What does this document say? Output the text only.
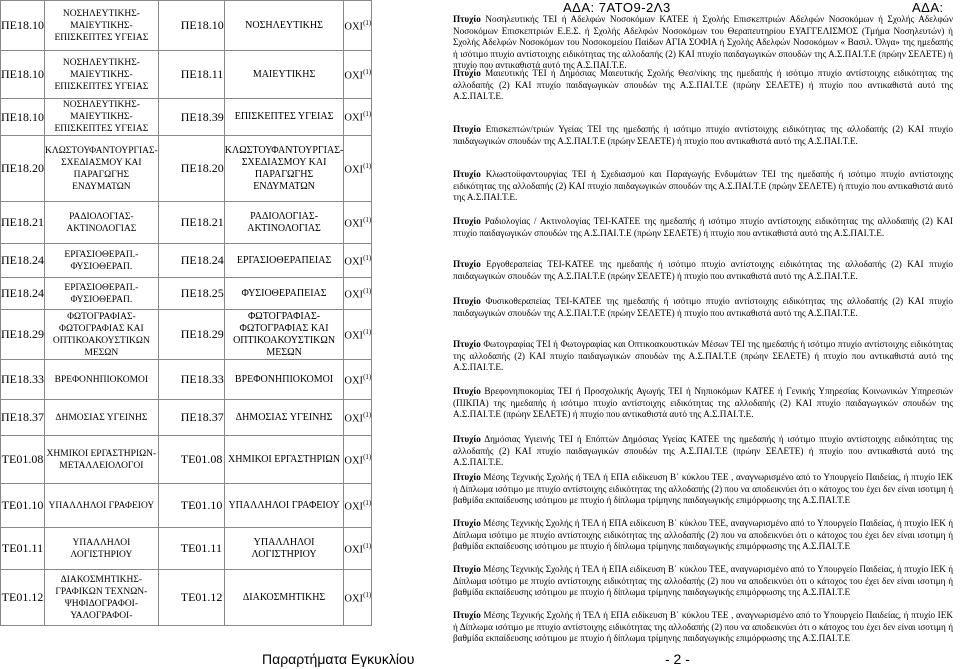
ΑΔΑ: 7ΑΤΟ9-2Λ3	ΑΔΑ:
ΠΕ18.10	ΝΟΣΗΛΕΥΤΙΚΗΣ-ΜΑΙΕΥΤΙΚΗΣ-ΕΠΙΣΚΕΠΤΕΣ ΥΓΕΙΑΣ	ΠΕ18.10	ΝΟΣΗΛΕΥΤΙΚΗΣ	ΟΧΙ$^{(1)}$
ΠΕ18.10	ΝΟΣΗΛΕΥΤΙΚΗΣ-ΜΑΙΕΥΤΙΚΗΣ-ΕΠΙΣΚΕΠΤΕΣ ΥΓΕΙΑΣ	ΠΕ18.11	ΜΑΙΕΥΤΙΚΗΣ	ΟΧΙ$^{(1)}$
ΠΕ18.10	ΝΟΣΗΛΕΥΤΙΚΗΣ-ΜΑΙΕΥΤΙΚΗΣ-ΕΠΙΣΚΕΠΤΕΣ ΥΓΕΙΑΣ	ΠΕ18.39	ΕΠΙΣΚΕΠΤΕΣ ΥΓΕΙΑΣ	ΟΧΙ$^{(1)}$
ΠΕ18.20	ΚΛΩΣΤΟΥΦΑΝΤΟΥΡΓΙΑΣ-ΣΧΕΔΙΑΣΜΟΥ ΚΑΙ ΠΑΡΑΓΩΓΗΣ ΕΝΔΥΜΑΤΩΝ	ΠΕ18.20	ΚΛΩΣΤΟΥΦΑΝΤΟΥΡΓΙΑΣ-ΣΧΕΔΙΑΣΜΟΥ ΚΑΙ ΠΑΡΑΓΩΓΗΣ ΕΝΔΥΜΑΤΩΝ	ΟΧΙ$^{(1)}$
ΠΕ18.21	ΡΑΔΙΟΛΟΓΙΑΣ-ΑΚΤΙΝΟΛΟΓΙΑΣ	ΠΕ18.21	ΡΑΔΙΟΛΟΓΙΑΣ-ΑΚΤΙΝΟΛΟΓΙΑΣ	ΟΧΙ$^{(1)}$
ΠΕ18.24	ΕΡΓΑΣΙΟΘΕΡΑΠ.-ΦΥΣΙΟΘΕΡΑΠ.	ΠΕ18.24	ΕΡΓΑΣΙΟΘΕΡΑΠΕΙΑΣ	ΟΧΙ$^{(1)}$
ΠΕ18.24	ΕΡΓΑΣΙΟΘΕΡΑΠ.-ΦΥΣΙΟΘΕΡΑΠ.	ΠΕ18.25	ΦΥΣΙΟΘΕΡΑΠΕΙΑΣ	ΟΧΙ$^{(1)}$
ΠΕ18.29	ΦΩΤΟΓΡΑΦΙΑΣ-ΦΩΤΟΓΡΑΦΙΑΣ ΚΑΙ ΟΠΤΙΚΟΑΚΟΥΣΤΙΚΩΝ ΜΕΣΩΝ	ΠΕ18.29	ΦΩΤΟΓΡΑΦΙΑΣ-ΦΩΤΟΓΡΑΦΙΑΣ ΚΑΙ ΟΠΤΙΚΟΑΚΟΥΣΤΙΚΩΝ ΜΕΣΩΝ	ΟΧΙ$^{(1)}$
ΠΕ18.33	ΒΡΕΦΟΝΗΠΙΟΚΟΜΟΙ	ΠΕ18.33	ΒΡΕΦΟΝΗΠΙΟΚΟΜΟΙ	ΟΧΙ$^{(1)}$
ΠΕ18.37	ΔΗΜΟΣΙΑΣ ΥΓΕΙΝΗΣ	ΠΕ18.37	ΔΗΜΟΣΙΑΣ ΥΓΕΙΝΗΣ	ΟΧΙ$^{(1)}$
ΤΕ01.08	ΧΗΜΙΚΟΙ ΕΡΓΑΣΤΗΡΙΩΝ-ΜΕΤΑΛΛΕΙΟΛΟΓΟΙ	ΤΕ01.08	ΧΗΜΙΚΟΙ ΕΡΓΑΣΤΗΡΙΩΝ	ΟΧΙ$^{(1)}$
ΤΕ01.10	ΥΠΑΛΛΗΛΟΙ ΓΡΑΦΕΙΟΥ	ΤΕ01.10	ΥΠΑΛΛΗΛΟΙ ΓΡΑΦΕΙΟΥ	ΟΧΙ$^{(1)}$
ΤΕ01.11	ΥΠΑΛΛΗΛΟΙ ΛΟΓΙΣΤΗΡΙΟΥ	ΤΕ01.11	ΥΠΑΛΛΗΛΟΙ ΛΟΓΙΣΤΗΡΙΟΥ	ΟΧΙ$^{(1)}$
ΤΕ01.12	ΔΙΑΚΟΣΜΗΤΙΚΗΣ-ΓΡΑΦΙΚΩΝ ΤΕΧΝΩΝ-ΨΗΦΙΔΟΓΡΑΦΟΙ-ΥΑΛΟΓΡΑΦΟΙ-	ΤΕ01.12	ΔΙΑΚΟΣΜΗΤΙΚΗΣ	ΟΧΙ$^{(1)}$
Πτυχίο Νοσηλευτικής ΤΕΙ ή Αδελφών Νοσοκόμων ΚΑΤΕΕ ή Σχολής Επισκεπτριών Αδελφών Νοσοκόμων ή Σχολής Αδελφών Νοσοκόμων Επισκεπτριών Ε.Ε.Σ. ή Σχολής Αδελφών Νοσοκόμων του Θεραπευτηρίου ΕΥΑΓΓΕΛΙΣΜΟΣ (Τμήμα Νοσηλευτών) ή Σχολής Αδελφών Νοσοκόμων του Νοσοκομείου Παίδων ΑΓΙΑ ΣΟΦΙΑ ή Σχολής Αδελφών Νοσοκόμων « Βασιλ. Όλγα» της ημεδαπής ή ισότιμο πτυχίο αντίστοιχης ειδικότητας της αλλοδαπής (2) ΚΑΙ πτυχίο παιδαγωγικών σπουδών της Α.Σ.ΠΑΙ.Τ.Ε (πρώην ΣΕΛΕΤΕ) ή πτυχίο που αντικαθιστά αυτό της Α.Σ.ΠΑΙ.Τ.Ε.
Πτυχίο Μαιευτικής ΤΕΙ ή Δημόσιας Μαιευτικής Σχολής Θεσ/νίκης της ημεδαπής ή ισότιμο πτυχίο αντίστοιχης ειδικότητας της αλλοδαπής (2) ΚΑΙ πτυχίο παιδαγωγικών σπουδών της Α.Σ.ΠΑΙ.Τ.Ε (πρώην ΣΕΛΕΤΕ) ή πτυχίο που αντικαθιστά αυτό της Α.Σ.ΠΑΙ.Τ.Ε.
Πτυχίο Επισκεπτών/τριών Υγείας ΤΕΙ της ημεδαπής ή ισότιμο πτυχίο αντίστοιχης ειδικότητας της αλλοδαπής (2) ΚΑΙ πτυχίο παιδαγωγικών σπουδών της Α.Σ.ΠΑΙ.Τ.Ε (πρώην ΣΕΛΕΤΕ) ή πτυχίο που αντικαθιστά αυτό της Α.Σ.ΠΑΙ.Τ.Ε.
Πτυχίο Κλωστοϋφαντουργίας ΤΕΙ ή Σχεδιασμού και Παραγωγής Ενδυμάτων ΤΕΙ της ημεδαπής ή ισότιμο πτυχίο αντίστοιχης ειδικότητας της αλλοδαπής (2) ΚΑΙ πτυχίο παιδαγωγικών σπουδών της Α.Σ.ΠΑΙ.Τ.Ε (πρώην ΣΕΛΕΤΕ) ή πτυχίο που αντικαθιστά αυτό της Α.Σ.ΠΑΙ.Τ.Ε.
Πτυχίο Ραδιολογίας / Ακτινολογίας ΤΕΙ-ΚΑΤΕΕ της ημεδαπής ή ισότιμο πτυχίο αντίστοιχης ειδικότητας της αλλοδαπής (2) ΚΑΙ πτυχίο παιδαγωγικών σπουδών της Α.Σ.ΠΑΙ.Τ.Ε (πρώην ΣΕΛΕΤΕ) ή πτυχίο που αντικαθιστά αυτό της Α.Σ.ΠΑΙ.Τ.Ε.
Πτυχίο Εργοθεραπείας ΤΕΙ-ΚΑΤΕΕ της ημεδαπής ή ισότιμο πτυχίο αντίστοιχης ειδικότητας της αλλοδαπής (2) ΚΑΙ πτυχίο παιδαγωγικών σπουδών της Α.Σ.ΠΑΙ.Τ.Ε (πρώην ΣΕΛΕΤΕ) ή πτυχίο που αντικαθιστά αυτό της Α.Σ.ΠΑΙ.Τ.Ε.
Πτυχίο Φυσικοθεραπείας ΤΕΙ-ΚΑΤΕΕ της ημεδαπής ή ισότιμο πτυχίο αντίστοιχης ειδικότητας της αλλοδαπής (2) ΚΑΙ πτυχίο παιδαγωγικών σπουδών της Α.Σ.ΠΑΙ.Τ.Ε (πρώην ΣΕΛΕΤΕ) ή πτυχίο που αντικαθιστά αυτό της Α.Σ.ΠΑΙ.Τ.Ε.
Πτυχίο Φωτογραφίας ΤΕΙ ή Φωτογραφίας και Οπτικοακουστικών Μέσων ΤΕΙ της ημεδαπής ή ισότιμο πτυχίο αντίστοιχης ειδικότητας της αλλοδαπής (2) ΚΑΙ πτυχίο παιδαγωγικών σπουδών της Α.Σ.ΠΑΙ.Τ.Ε (πρώην ΣΕΛΕΤΕ) ή πτυχίο που αντικαθιστά αυτό της Α.Σ.ΠΑΙ.Τ.Ε.
Πτυχίο Βρεφονηπιοκομίας ΤΕΙ ή Προσχολικής Αγωγής ΤΕΙ ή Νηπιοκόμων ΚΑΤΕΕ ή Γενικής Υπηρεσίας Κοινωνικών Υπηρεσιών (ΠΙΚΠΑ) της ημεδαπής ή ισότιμο πτυχίο αντίστοιχης ειδικότητας της αλλοδαπής (2) ΚΑΙ πτυχίο παιδαγωγικών σπουδών της Α.Σ.ΠΑΙ.Τ.Ε (πρώην ΣΕΛΕΤΕ) ή πτυχίο που αντικαθιστά αυτό της Α.Σ.ΠΑΙ.Τ.Ε.
Πτυχίο Δημόσιας Υγιεινής ΤΕΙ ή Επόπτών Δημόσιας Υγείας ΚΑΤΕΕ της ημεδαπής ή ισότιμο πτυχίο αντίστοιχης ειδικότητας της αλλοδαπής (2) ΚΑΙ πτυχίο παιδαγωγικών σπουδών της Α.Σ.ΠΑΙ.Τ.Ε (πρώην ΣΕΛΕΤΕ) ή πτυχίο που αντικαθιστά αυτό της Α.Σ.ΠΑΙ.Τ.Ε.
Πτυχίο Μέσης Τεχνικής Σχολής ή ΤΕΛ ή ΕΠΑ ειδίκευση Β΄ κύκλου ΤΕΕ , αναγνωρισμένο από το Υπουργείο Παιδείας, ή πτυχίο ΙΕΚ ή Δίπλωμα ισότιμο με πτυχίο αντίστοιχης ειδικότητας της αλλοδαπής (2) που να αποδεικνύει ότι ο κάτοχος του έχει δεν είναι ισοτιμη ή βαθμίδα εκπαίδευσης ισότιμου με πτυχίο ή δίπλωμα τρίμηνης παιδαγωγικής επιμόρφωσης της Α.Σ.ΠΑΙ.Τ.Ε
Πτυχίο Μέσης Τεχνικής Σχολής ή ΤΕΛ ή ΕΠΑ ειδίκευση Β΄ κύκλου ΤΕΕ, αναγνωρισμένο από το Υπουργείο Παιδείας, ή πτυχίο ΙΕΚ ή Δίπλωμα ισότιμο με πτυχίο αντίστοιχης ειδικότητας της αλλοδαπής (2) που να αποδεικνύει ότι ο κάτοχος του έχει δεν είναι ισοτιμη ή βαθμίδα εκπαίδευσης ισότιμου με πτυχίο ή δίπλωμα τρίμηνης παιδαγωγικής επιμόρφωσης της Α.Σ.ΠΑΙ.Τ.Ε
Πτυχίο Μέσης Τεχνικής Σχολής ή ΤΕΛ ή ΕΠΑ ειδίκευση Β΄ κύκλου ΤΕΕ, αναγνωρισμένο από το Υπουργείο Παιδείας, ή πτυχίο ΙΕΚ ή Δίπλωμα ισότιμο με πτυχίο αντίστοιχης ειδικότητας της αλλοδαπής (2) που να αποδεικνύει ότι ο κάτοχος του έχει δεν είναι ισοτιμη ή βαθμίδα εκπαίδευσης ισότιμου με πτυχίο ή δίπλωμα τρίμηνης παιδαγωγικής επιμόρφωσης της Α.Σ.ΠΑΙ.Τ.Ε
Πτυχίο Μέσης Τεχνικής Σχολής ή ΤΕΛ ή ΕΠΑ ειδίκευση Β΄ κύκλου ΤΕΕ , αναγνωρισμένο από το Υπουργείο Παιδείας, ή πτυχίο ΙΕΚ ή Δίπλωμα ισότιμο με πτυχίο αντίστοιχης ειδικότητας της αλλοδαπής (2) που να αποδεικνύει ότι ο κάτοχος του έχει δεν είναι ισοτιμη ή βαθμίδα εκπαίδευσης ισότιμου με πτυχίο ή δίπλωμα τρίμηνης παιδαγωγικής επιμόρφωσης της Α.Σ.ΠΑΙ.Τ.Ε
Παραρτήματα Εγκυκλίου	- 2 -
